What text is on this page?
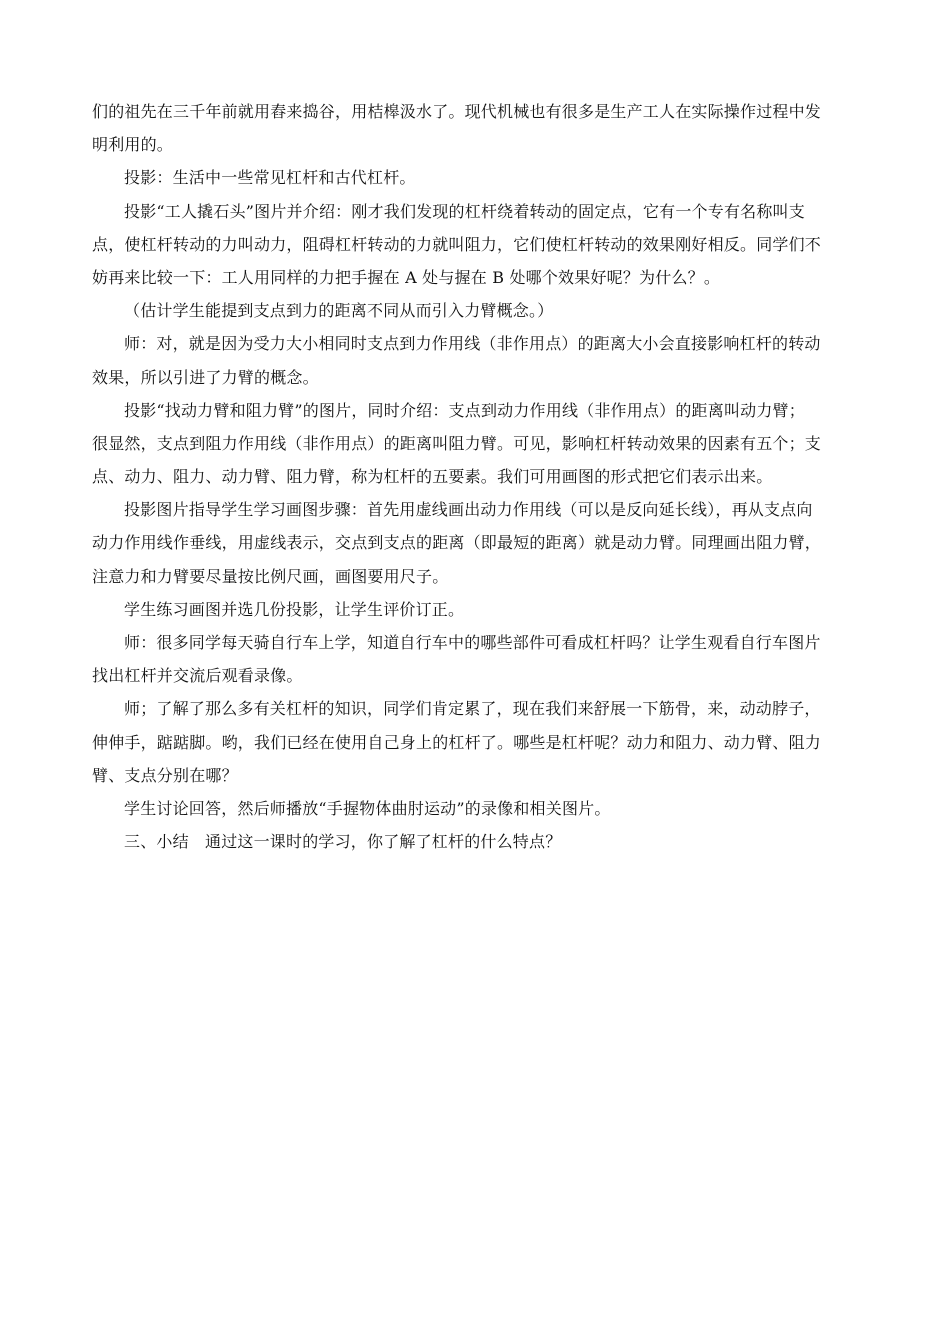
们的祖先在三千年前就用舂来捣谷，用桔槔汲水了。现代机械也有很多是生产工人在实际操作过程中发
明利用的。
投影：生活中一些常见杠杆和古代杠杆。
投影“工人撬石头”图片并介绍：刚才我们发现的杠杆绕着转动的固定点，它有一个专有名称叫支
点，使杠杆转动的力叫动力，阻碍杠杆转动的力就叫阻力，它们使杠杆转动的效果刚好相反。同学们不
妨再来比较一下：工人用同样的力把手握在 A 处与握在 B 处哪个效果好呢？为什么？。
（估计学生能提到支点到力的距离不同从而引入力臂概念。）
师：对，就是因为受力大小相同时支点到力作用线（非作用点）的距离大小会直接影响杠杆的转动
效果，所以引进了力臂的概念。
投影“找动力臂和阻力臂”的图片，同时介绍：支点到动力作用线（非作用点）的距离叫动力臂；
很显然，支点到阻力作用线（非作用点）的距离叫阻力臂。可见，影响杠杆转动效果的因素有五个；支
点、动力、阻力、动力臂、阻力臂，称为杠杆的五要素。我们可用画图的形式把它们表示出来。
投影图片指导学生学习画图步骤：首先用虚线画出动力作用线（可以是反向延长线），再从支点向
动力作用线作垂线，用虚线表示，交点到支点的距离（即最短的距离）就是动力臂。同理画出阻力臂，
注意力和力臂要尽量按比例尺画，画图要用尺子。
学生练习画图并选几份投影，让学生评价订正。
师：很多同学每天骑自行车上学，知道自行车中的哪些部件可看成杠杆吗？让学生观看自行车图片
找出杠杆并交流后观看录像。
师；了解了那么多有关杠杆的知识，同学们肯定累了，现在我们来舒展一下筋骨，来，动动脖子，
伸伸手，踮踮脚。哟，我们已经在使用自己身上的杠杆了。哪些是杠杆呢？动力和阻力、动力臂、阻力
臂、支点分别在哪？
学生讨论回答，然后师播放“手握物体曲肘运动”的录像和相关图片。
三、小结　通过这一课时的学习，你了解了杠杆的什么特点？
